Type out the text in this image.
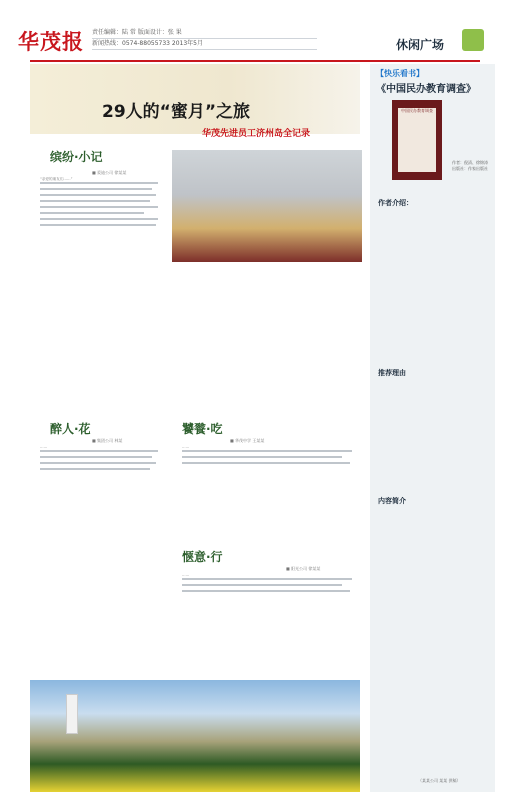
华茂报 责任编辑：陆 常 版面设计：张 果
新闻热线：0574-88055733 2013年5月	休闲广场
29人的“蜜月”之旅
华茂先进员工济州岛全记录
缤纷·小记
■ 爱迪公司 徐某某
“亲爱的朋友们……”
醉人·花
■ 集团公司 林某
……
饕餮·吃
■ 华茂中学 王某某
……
惬意·行
■ 阳光公司 徐某某
……
【快乐看书】
《中国民办教育调查》
中国民办教育调查
作者：倪清、徐锦涛
出版社：作家出版社
作者介绍：
推荐理由
内容简介
（某某公司 某某 供稿）
